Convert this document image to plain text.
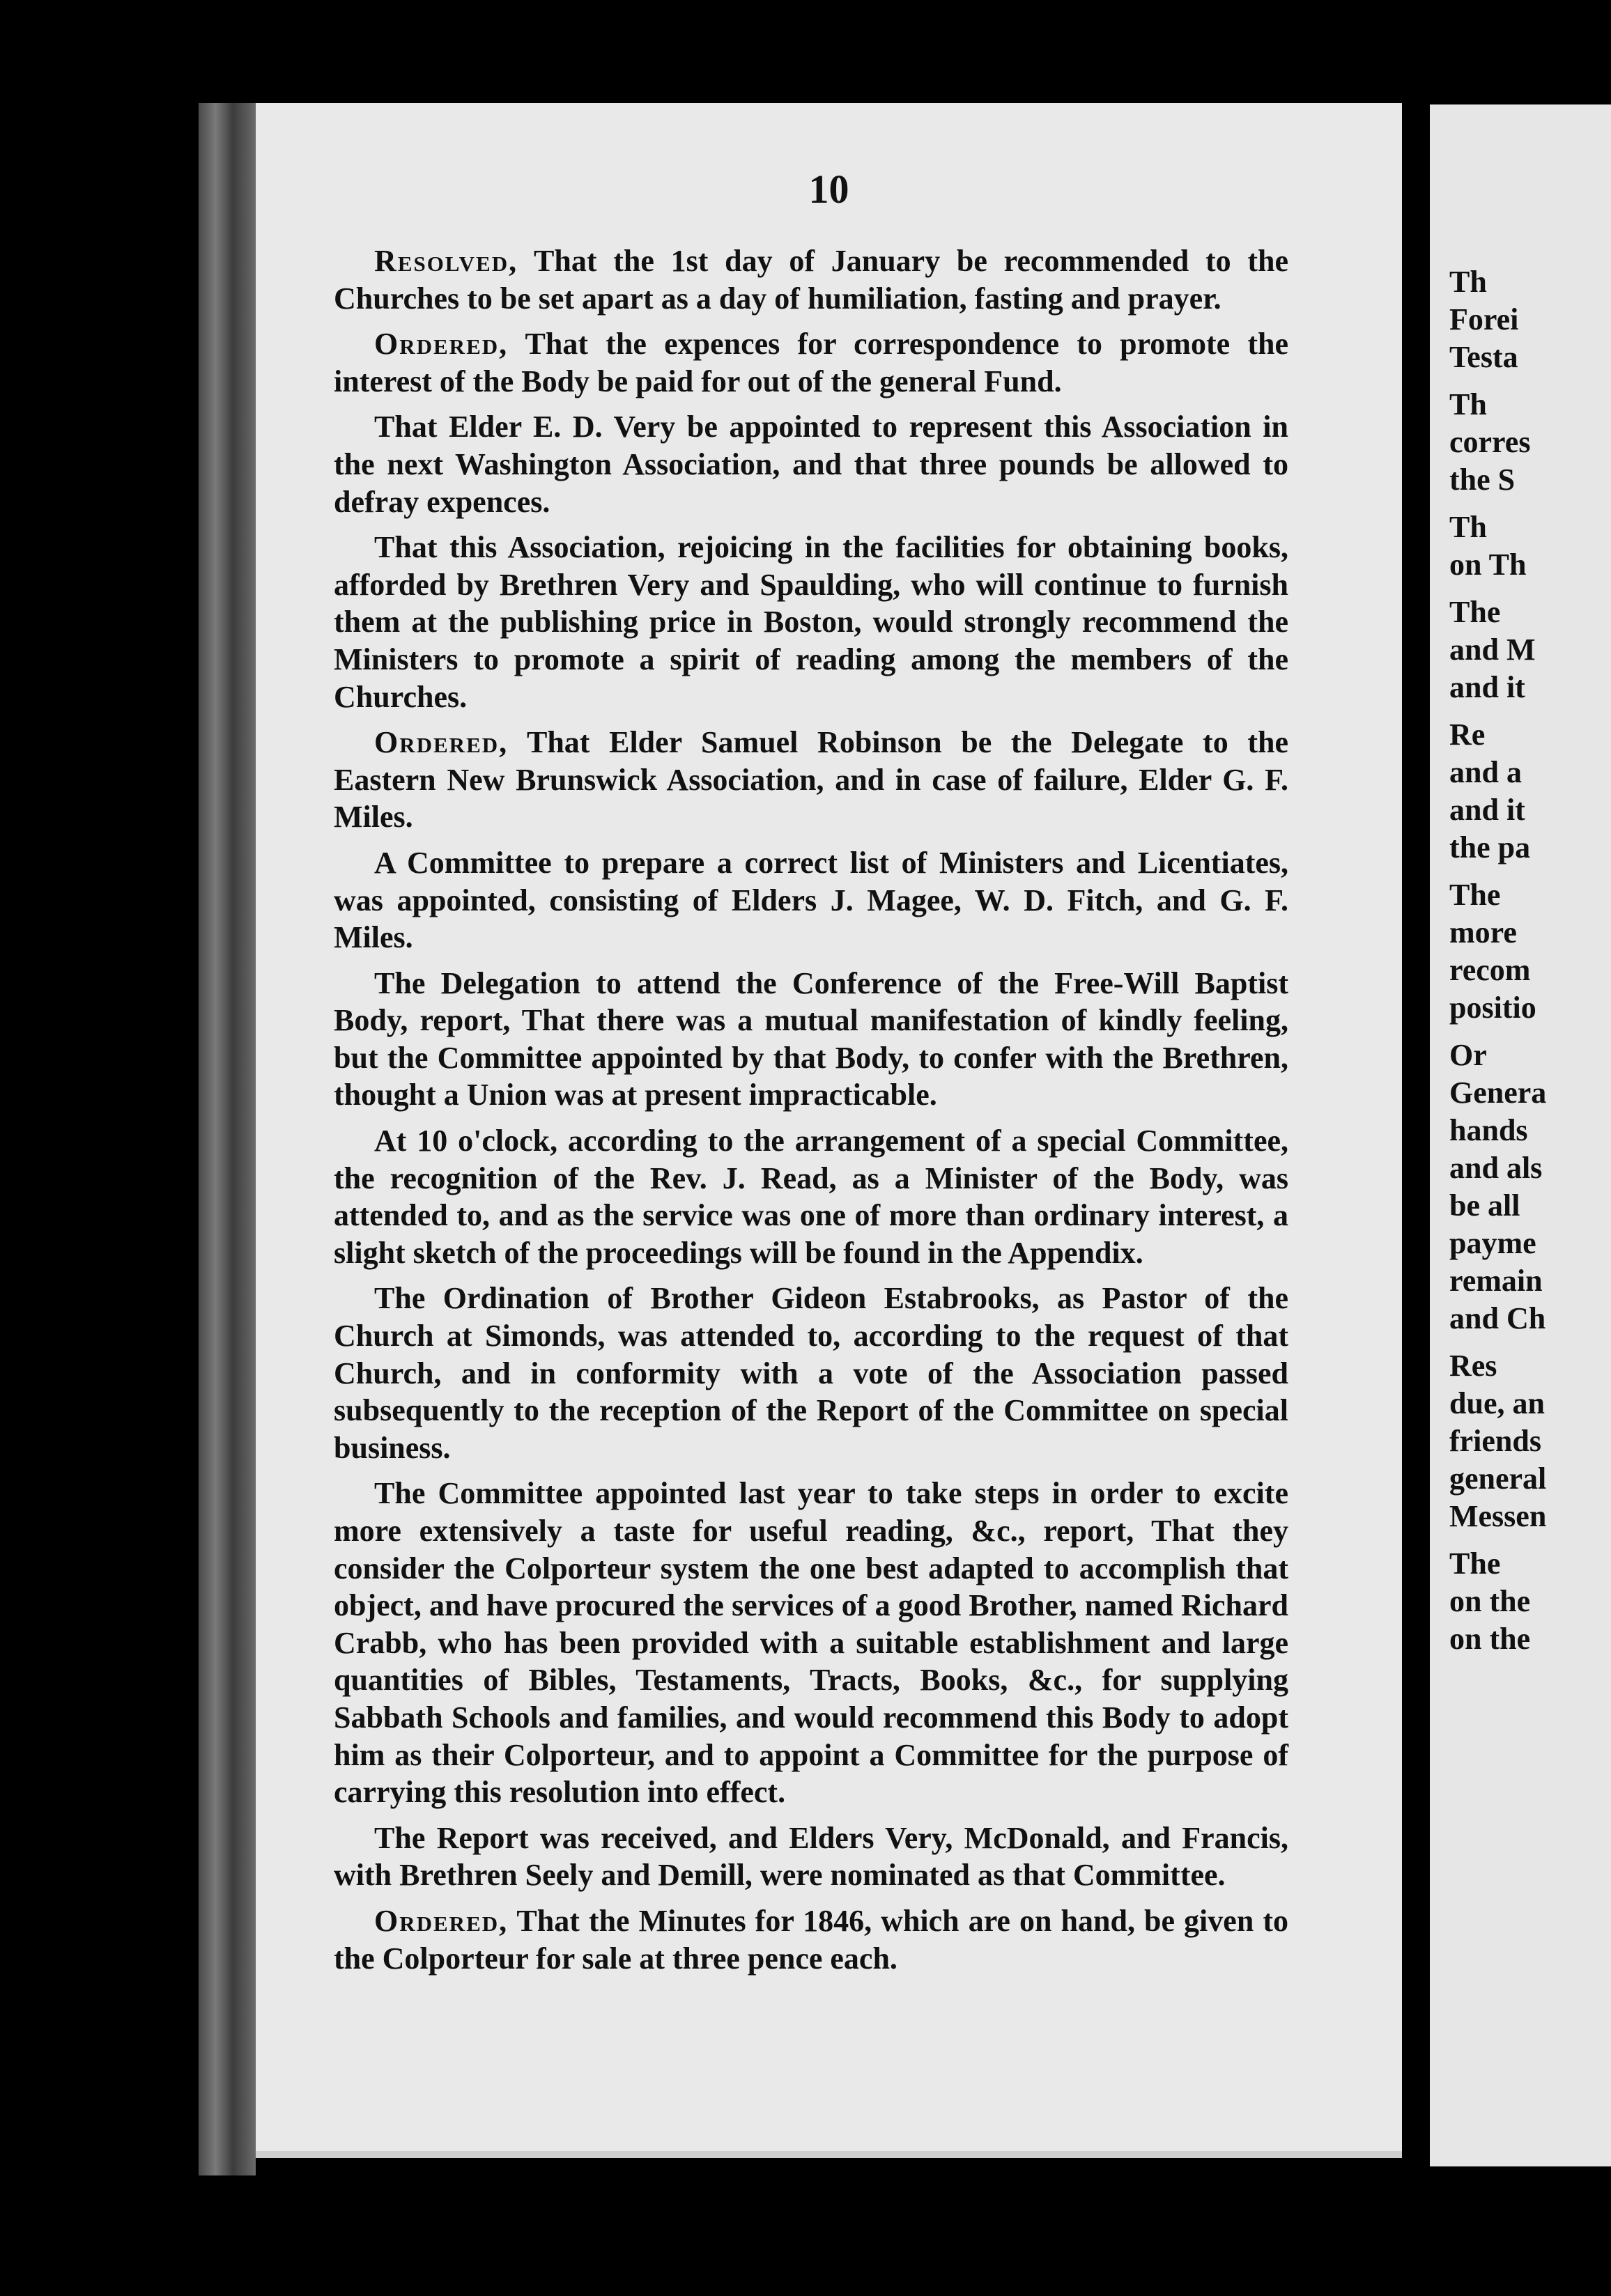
10

Resolved, That the 1st day of January be recommended to the Churches to be set apart as a day of humiliation, fasting and prayer.

Ordered, That the expences for correspondence to promote the interest of the Body be paid for out of the general Fund.

That Elder E. D. Very be appointed to represent this Association in the next Washington Association, and that three pounds be allowed to defray expences.

That this Association, rejoicing in the facilities for obtaining books, afforded by Brethren Very and Spaulding, who will continue to furnish them at the publishing price in Boston, would strongly recommend the Ministers to promote a spirit of reading among the members of the Churches.

Ordered, That Elder Samuel Robinson be the Delegate to the Eastern New Brunswick Association, and in case of failure, Elder G. F. Miles.

A Committee to prepare a correct list of Ministers and Licentiates, was appointed, consisting of Elders J. Magee, W. D. Fitch, and G. F. Miles.

The Delegation to attend the Conference of the Free-Will Baptist Body, report, That there was a mutual manifestation of kindly feeling, but the Committee appointed by that Body, to confer with the Brethren, thought a Union was at present impracticable.

At 10 o'clock, according to the arrangement of a special Committee, the recognition of the Rev. J. Read, as a Minister of the Body, was attended to, and as the service was one of more than ordinary interest, a slight sketch of the proceedings will be found in the Appendix.

The Ordination of Brother Gideon Estabrooks, as Pastor of the Church at Simonds, was attended to, according to the request of that Church, and in conformity with a vote of the Association passed subsequently to the reception of the Report of the Committee on special business.

The Committee appointed last year to take steps in order to excite more extensively a taste for useful reading, &c., report, That they consider the Colporteur system the one best adapted to accomplish that object, and have procured the services of a good Brother, named Richard Crabb, who has been provided with a suitable establishment and large quantities of Bibles, Testaments, Tracts, Books, &c., for supplying Sabbath Schools and families, and would recommend this Body to adopt him as their Colporteur, and to appoint a Committee for the purpose of carrying this resolution into effect.

The Report was received, and Elders Very, McDonald, and Francis, with Brethren Seely and Demill, were nominated as that Committee.

Ordered, That the Minutes for 1846, which are on hand, be given to the Colporteur for sale at three pence each.

Th
Forei
Testa
Th
corres
the S
Th
on Th
The
and M
and it
Re
and a
and it
the pa
The
more
recom
positio
Or
Genera
hands
and als
be all
payme
remain
and Ch
Res
due, an
friends
general
Messen
The
on the
on the
